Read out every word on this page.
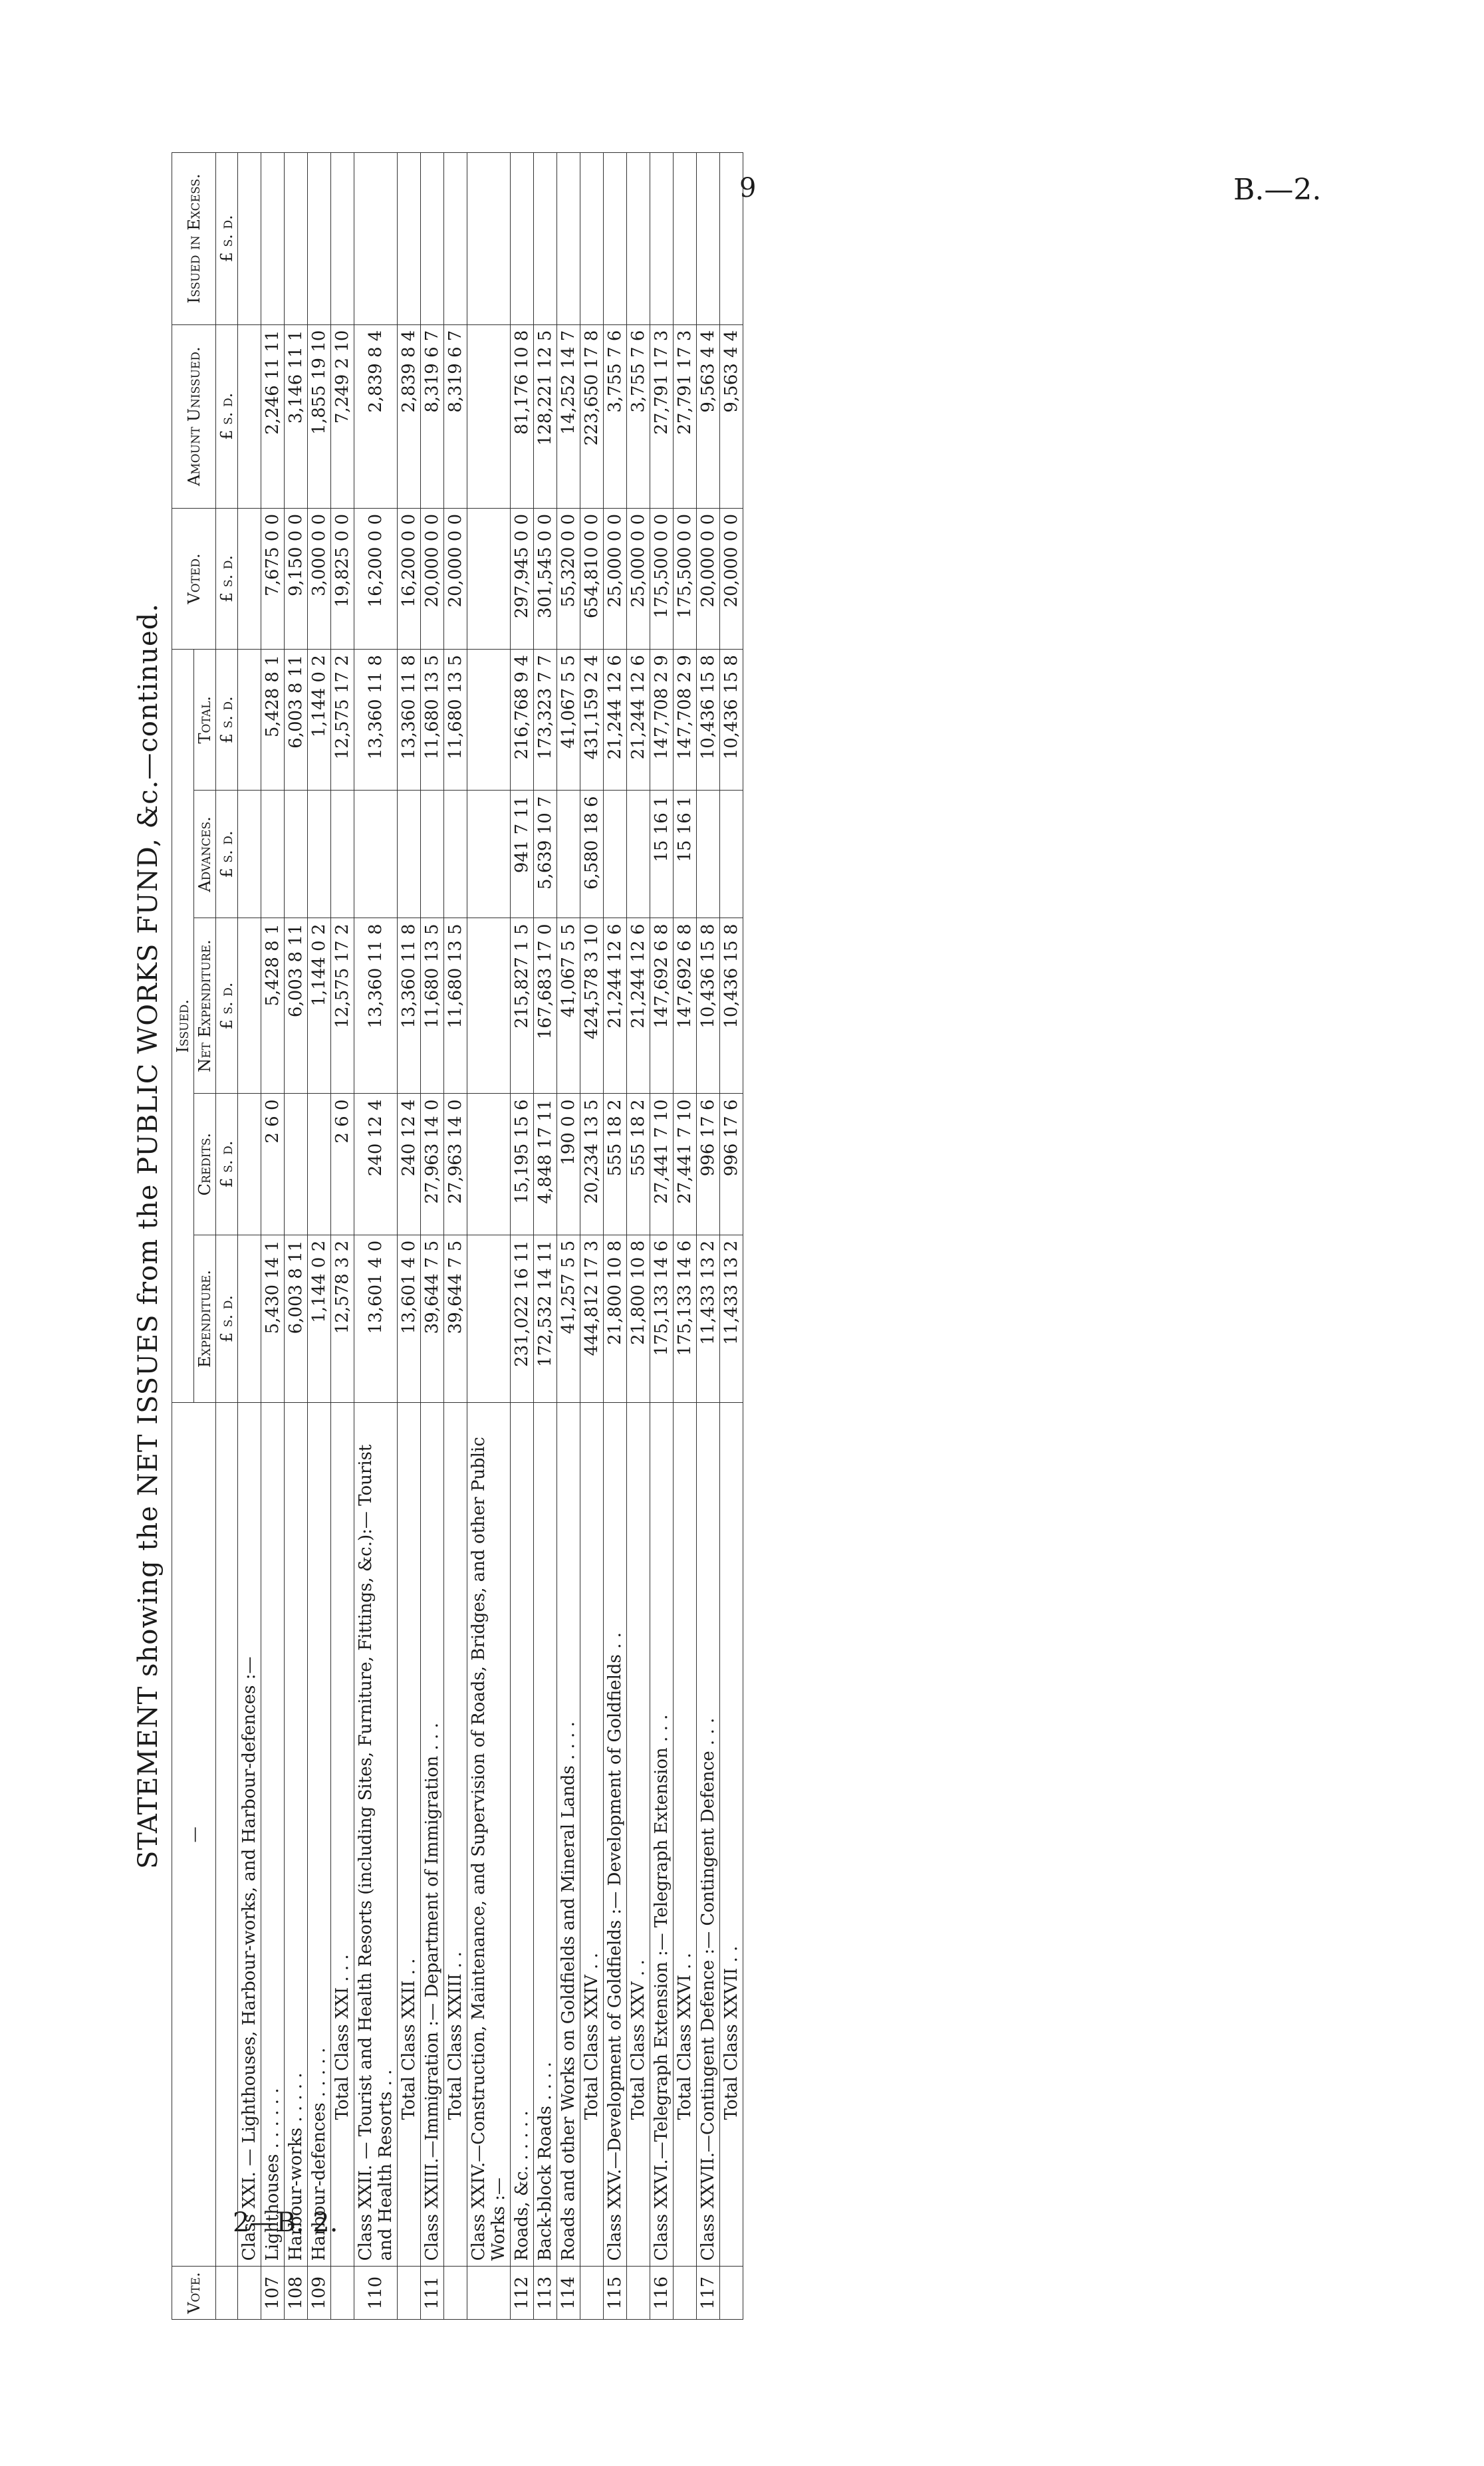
9	B.—2.
2—B. 2.
STATEMENT showing the NET ISSUES from the PUBLIC WORKS FUND, &c.—continued.
Vote.	—	Issued.					Voted.	Amount Unissued.	Issued in Excess.
		Expenditure.	Credits.	Net Expenditure.	Advances.	Total.			
		£ s. d.	£ s. d.	£ s. d.	£ s. d.	£ s. d.	£ s. d.	£ s. d.	£ s. d.
	Class XXI. — Lighthouses, Harbour-works, and Harbour-defences :—								
107	Lighthouses . . . . . .	5,430 14 1	2 6 0	5,428 8 1		5,428 8 1	7,675 0 0	2,246 11 11	
108	Harbour-works . . . . .	6,003 8 11		6,003 8 11		6,003 8 11	9,150 0 0	3,146 11 1	
109	Harbour-defences . . . . .	1,144 0 2		1,144 0 2		1,144 0 2	3,000 0 0	1,855 19 10	
	Total Class XXI . . .	12,578 3 2	2 6 0	12,575 17 2		12,575 17 2	19,825 0 0	7,249 2 10	
110	Class XXII. — Tourist and Health Resorts (including Sites, Furniture, Fittings, &c.):— Tourist and Health Resorts . .	13,601 4 0	240 12 4	13,360 11 8		13,360 11 8	16,200 0 0	2,839 8 4	
	Total Class XXII . .	13,601 4 0	240 12 4	13,360 11 8		13,360 11 8	16,200 0 0	2,839 8 4	
111	Class XXIII.—Immigration :— Department of Immigration . . .	39,644 7 5	27,963 14 0	11,680 13 5		11,680 13 5	20,000 0 0	8,319 6 7	
	Total Class XXIII . .	39,644 7 5	27,963 14 0	11,680 13 5		11,680 13 5	20,000 0 0	8,319 6 7	
	Class XXIV.—Construction, Maintenance, and Supervision of Roads, Bridges, and other Public Works :—								
112	Roads, &c. . . . . .	231,022 16 11	15,195 15 6	215,827 1 5	941 7 11	216,768 9 4	297,945 0 0	81,176 10 8	
113	Back-block Roads . . . .	172,532 14 11	4,848 17 11	167,683 17 0	5,639 10 7	173,323 7 7	301,545 0 0	128,221 12 5	
114	Roads and other Works on Goldfields and Mineral Lands . . . .	41,257 5 5	190 0 0	41,067 5 5		41,067 5 5	55,320 0 0	14,252 14 7	
	Total Class XXIV . .	444,812 17 3	20,234 13 5	424,578 3 10	6,580 18 6	431,159 2 4	654,810 0 0	223,650 17 8	
115	Class XXV.—Development of Goldfields :— Development of Goldfields . .	21,800 10 8	555 18 2	21,244 12 6		21,244 12 6	25,000 0 0	3,755 7 6	
	Total Class XXV . .	21,800 10 8	555 18 2	21,244 12 6		21,244 12 6	25,000 0 0	3,755 7 6	
116	Class XXVI.—Telegraph Extension :— Telegraph Extension . . .	175,133 14 6	27,441 7 10	147,692 6 8	15 16 1	147,708 2 9	175,500 0 0	27,791 17 3	
	Total Class XXVI . .	175,133 14 6	27,441 7 10	147,692 6 8	15 16 1	147,708 2 9	175,500 0 0	27,791 17 3	
117	Class XXVII.—Contingent Defence :— Contingent Defence . . .	11,433 13 2	996 17 6	10,436 15 8		10,436 15 8	20,000 0 0	9,563 4 4	
	Total Class XXVII . .	11,433 13 2	996 17 6	10,436 15 8		10,436 15 8	20,000 0 0	9,563 4 4	
